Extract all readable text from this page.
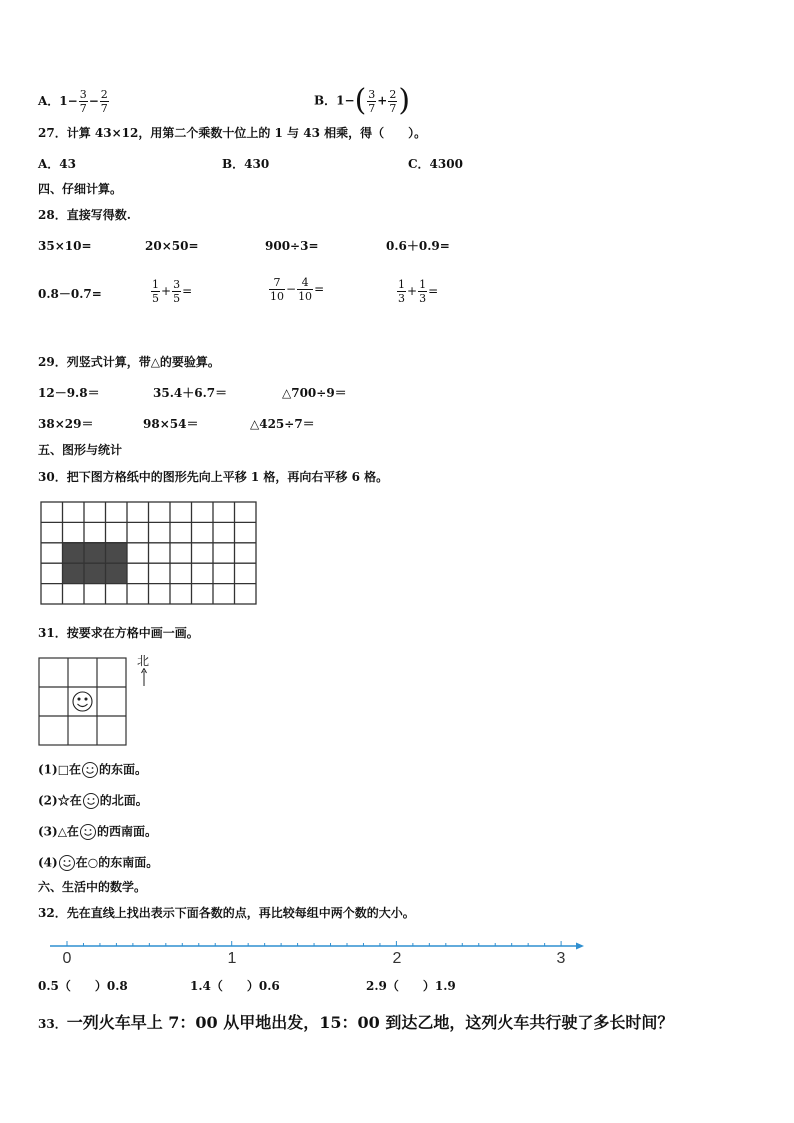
A．$1- \frac{3}{7} - \frac{2}{7}$	B．$1-( \frac{3}{7} + \frac{2}{7}$ )
27．计算 43×12，用第二个乘数十位上的 1 与 43 相乘，得（　　）。
A．43	B．430	C．4300
四、仔细计算。
28．直接写得数.
35×10=	20×50=	900÷3=	0.6＋0.9=
0.8－0.7=	$\frac{1}{5} + \frac{3}{5}$ =	$\frac{7}{10} - \frac{4}{10}$ =	$\frac{1}{3} + \frac{1}{3}$ =
29．列竖式计算，带△的要验算。
12－9.8＝	35.4＋6.7＝	△700÷9＝
38×29＝	98×54＝	△425÷7＝
五、图形与统计
30．把下图方格纸中的图形先向上平移 1 格，再向右平移 6 格。
31．按要求在方格中画一画。
北
(1)□在 的东面。
(2)☆在 的北面。
(3)△在 的西南面。
(4) 在○的东南面。
六、生活中的数学。
32．先在直线上找出表示下面各数的点，再比较每组中两个数的大小。
0	1	2	3
0.5（　　）0.8	1.4（　　）0.6	2.9（　　）1.9
33．一列火车早上 7：00 从甲地出发，15：00 到达乙地，这列火车共行驶了多长时间？
